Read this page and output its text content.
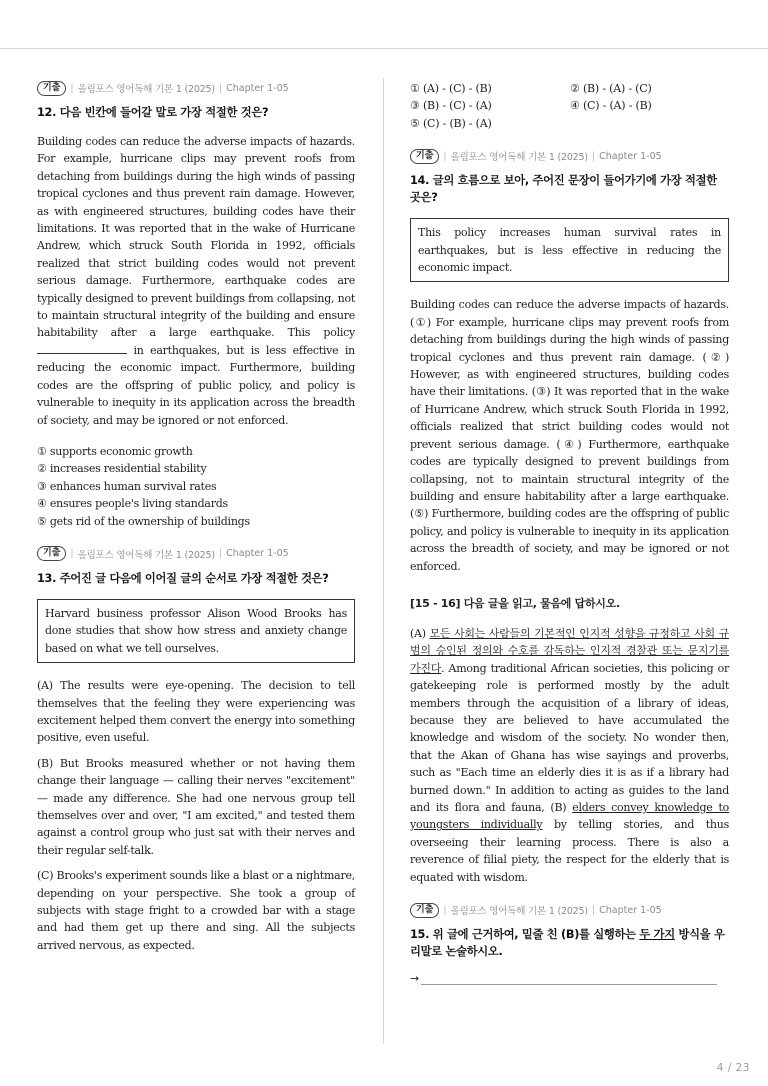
기출	| 올림포스 영어독해 기본 1 (2025) | Chapter 1-05
12. 다음 빈칸에 들어갈 말로 가장 적절한 것은?

Building codes can reduce the adverse impacts of hazards. For example, hurricane clips may prevent roofs from detaching from buildings during the high winds of passing tropical cyclones and thus prevent rain damage. However, as with engineered structures, building codes have their limitations. It was reported that in the wake of Hurricane Andrew, which struck South Florida in 1992, officials realized that strict building codes would not prevent serious damage. Furthermore, earthquake codes are typically designed to prevent buildings from collapsing, not to maintain structural integrity of the building and ensure habitability after a large earthquake. This policy  in earthquakes, but is less effective in reducing the economic impact. Furthermore, building codes are the offspring of public policy, and policy is vulnerable to inequity in its application across the breadth of society, and may be ignored or not enforced.

① supports economic growth
② increases residential stability
③ enhances human survival rates
④ ensures people's living standards
⑤ gets rid of the ownership of buildings
기출	| 올림포스 영어독해 기본 1 (2025) | Chapter 1-05
13. 주어진 글 다음에 이어질 글의 순서로 가장 적절한 것은?
Harvard business professor Alison Wood Brooks has done studies that show how stress and anxiety change based on what we tell ourselves.

(A) The results were eye-opening. The decision to tell themselves that the feeling they were experiencing was excitement helped them convert the energy into something positive, even useful.

(B) But Brooks measured whether or not having them change their language — calling their nerves "excitement" — made any difference. She had one nervous group tell themselves over and over, "I am excited," and tested them against a control group who just sat with their nerves and their regular self-talk.

(C) Brooks's experiment sounds like a blast or a nightmare, depending on your perspective. She took a group of subjects with stage fright to a crowded bar with a stage and had them get up there and sing. All the subjects arrived nervous, as expected.

① (A) - (C) - (B)	② (B) - (A) - (C)
③ (B) - (C) - (A)	④ (C) - (A) - (B)
⑤ (C) - (B) - (A)
기출	| 올림포스 영어독해 기본 1 (2025) | Chapter 1-05
14. 글의 흐름으로 보아, 주어진 문장이 들어가기에 가장 적절한 곳은?
This policy increases human survival rates in earthquakes, but is less effective in reducing the economic impact.

Building codes can reduce the adverse impacts of hazards. (①) For example, hurricane clips may prevent roofs from detaching from buildings during the high winds of passing tropical cyclones and thus prevent rain damage. (②) However, as with engineered structures, building codes have their limitations. (③) It was reported that in the wake of Hurricane Andrew, which struck South Florida in 1992, officials realized that strict building codes would not prevent serious damage. (④) Furthermore, earthquake codes are typically designed to prevent buildings from collapsing, not to maintain structural integrity of the building and ensure habitability after a large earthquake. (⑤) Furthermore, building codes are the offspring of public policy, and policy is vulnerable to inequity in its application across the breadth of society, and may be ignored or not enforced.

[15 - 16] 다음 글을 읽고, 물음에 답하시오.

(A) 모든 사회는 사람들의 기본적인 인지적 성향을 규정하고 사회 규범의 승인된 정의와 수호를 감독하는 인지적 경찰관 또는 문지기를 가진다. Among traditional African societies, this policing or gatekeeping role is performed mostly by the adult members through the acquisition of a library of ideas, because they are believed to have accumulated the knowledge and wisdom of the society. No wonder then, that the Akan of Ghana has wise sayings and proverbs, such as "Each time an elderly dies it is as if a library had burned down." In addition to acting as guides to the land and its flora and fauna, (B) elders convey knowledge to youngsters individually by telling stories, and thus overseeing their learning process. There is also a reverence of filial piety, the respect for the elderly that is equated with wisdom.

기출	| 올림포스 영어독해 기본 1 (2025) | Chapter 1-05
15. 위 글에 근거하여, 밑줄 친 (B)를 실행하는 두 가지 방식을 우리말로 논술하시오.
→
4 / 23
